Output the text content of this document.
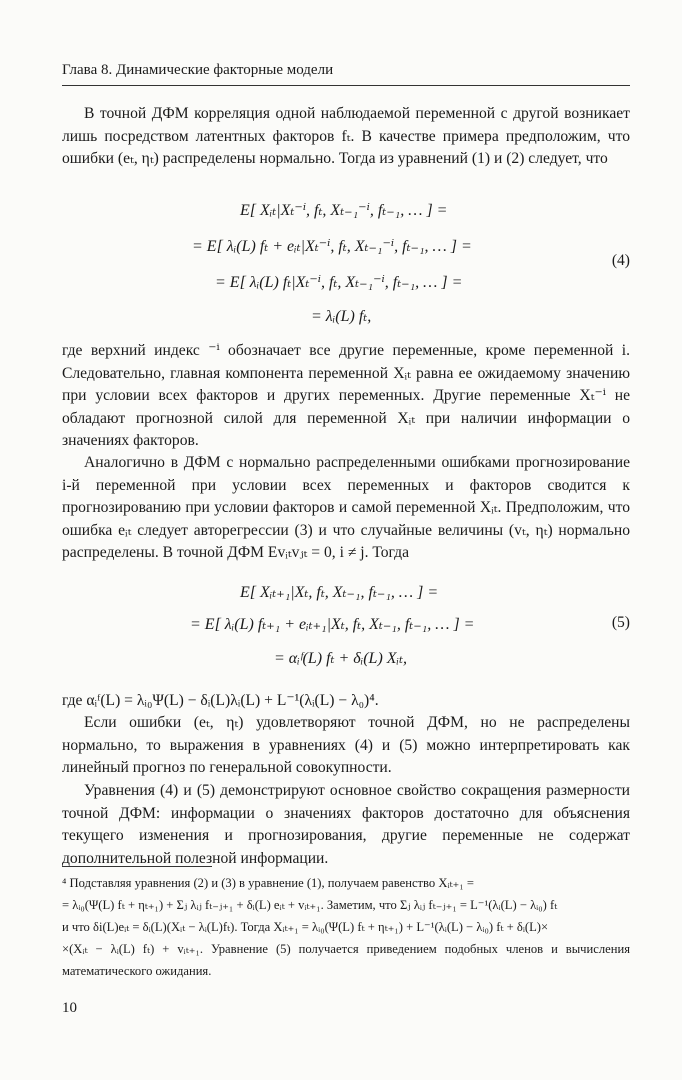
Глава 8. Динамические факторные модели
В точной ДФМ корреляция одной наблюдаемой переменной с другой возникает лишь посредством латентных факторов fₜ. В качестве примера предположим, что ошибки (eₜ, ηₜ) распределены нормально. Тогда из уравнений (1) и (2) следует, что
E[ Xᵢₜ|Xₜ⁻ⁱ, fₜ, Xₜ₋₁⁻ⁱ, fₜ₋₁, … ] =
= E[ λᵢ(L) fₜ + eᵢₜ|Xₜ⁻ⁱ, fₜ, Xₜ₋₁⁻ⁱ, fₜ₋₁, … ] =
= E[ λᵢ(L) fₜ|Xₜ⁻ⁱ, fₜ, Xₜ₋₁⁻ⁱ, fₜ₋₁, … ] =
= λᵢ(L) fₜ,
(4)
где верхний индекс ⁻ⁱ обозначает все другие переменные, кроме переменной i. Следовательно, главная компонента переменной Xᵢₜ равна ее ожидаемому значению при условии всех факторов и других переменных. Другие переменные Xₜ⁻ⁱ не обладают прогнозной силой для переменной Xᵢₜ при наличии информации о значениях факторов.
Аналогично в ДФМ с нормально распределенными ошибками прогнозирование i-й переменной при условии всех переменных и факторов сводится к прогнозированию при условии факторов и самой переменной Xᵢₜ. Предположим, что ошибка eᵢₜ следует авторегрессии (3) и что случайные величины (vₜ, ηₜ) нормально распределены. В точной ДФМ Evᵢₜvⱼₜ = 0, i ≠ j. Тогда
E[ Xᵢₜ₊₁|Xₜ, fₜ, Xₜ₋₁, fₜ₋₁, … ] =
= E[ λᵢ(L) fₜ₊₁ + eᵢₜ₊₁|Xₜ, fₜ, Xₜ₋₁, fₜ₋₁, … ] =
= αᵢᶠ(L) fₜ + δᵢ(L) Xᵢₜ,
(5)
где αᵢᶠ(L) = λᵢ₀Ψ(L) − δᵢ(L)λᵢ(L) + L⁻¹(λᵢ(L) − λ₀)⁴.
Если ошибки (eₜ, ηₜ) удовлетворяют точной ДФМ, но не распределены нормально, то выражения в уравнениях (4) и (5) можно интерпретировать как линейный прогноз по генеральной совокупности.
Уравнения (4) и (5) демонстрируют основное свойство сокращения размерности точной ДФМ: информации о значениях факторов достаточно для объяснения текущего изменения и прогнозирования, другие переменные не содержат дополнительной полезной информации.
⁴ Подставляя уравнения (2) и (3) в уравнение (1), получаем равенство Xᵢₜ₊₁ =
= λᵢ₀(Ψ(L) fₜ + ηₜ₊₁) + Σⱼ λᵢⱼ fₜ₋ⱼ₊₁ + δᵢ(L) eᵢₜ + vᵢₜ₊₁. Заметим, что Σⱼ λᵢⱼ fₜ₋ⱼ₊₁ = L⁻¹(λᵢ(L) − λᵢ₀) fₜ
и что δi(L)eᵢₜ = δᵢ(L)(Xᵢₜ − λᵢ(L)fₜ). Тогда Xᵢₜ₊₁ = λᵢ₀(Ψ(L) fₜ + ηₜ₊₁) + L⁻¹(λᵢ(L) − λᵢ₀) fₜ + δᵢ(L)×
×(Xᵢₜ − λᵢ(L) fₜ) + vᵢₜ₊₁. Уравнение (5) получается приведением подобных членов и вычисления математического ожидания.
10
